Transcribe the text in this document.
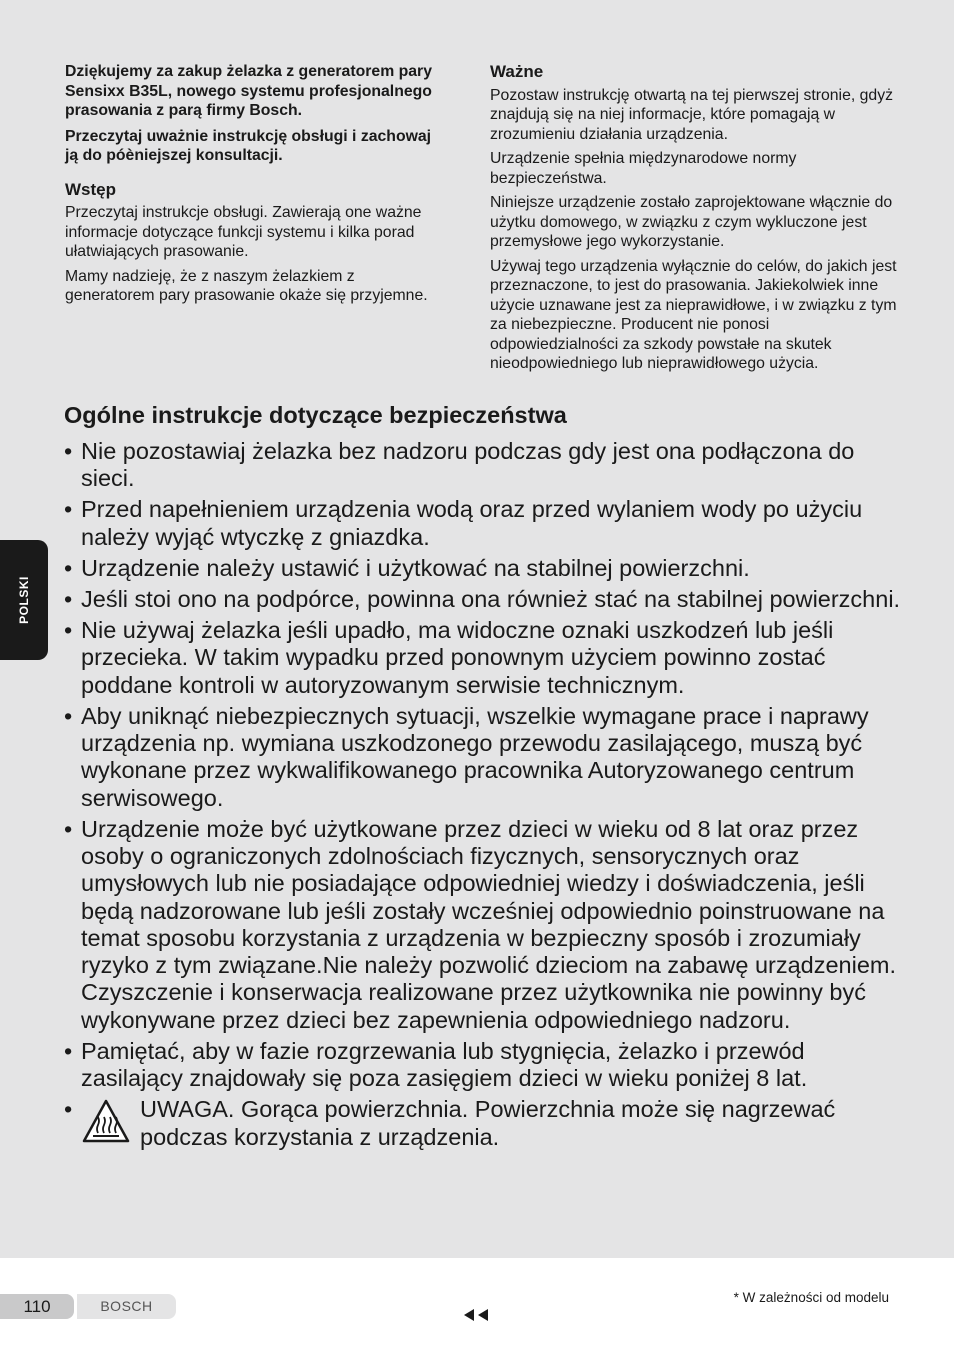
POLSKI

Dziękujemy za zakup żelazka z generatorem pary Sensixx B35L, nowego systemu profesjonalnego prasowania z parą firmy Bosch.

Przeczytaj uważnie instrukcję obsługi i zachowaj ją do póèniejszej konsultacji.

Wstęp

Przeczytaj instrukcje obsługi. Zawierają one ważne informacje dotyczące funkcji systemu i kilka porad ułatwiających prasowanie.

Mamy nadzieję, że z naszym żelazkiem z generatorem pary prasowanie okaże się przyjemne.

Ważne

Pozostaw instrukcję otwartą na tej pierwszej stronie, gdyż znajdują się na niej informacje, które pomagają w zrozumieniu działania urządzenia.

Urządzenie spełnia międzynarodowe normy bezpieczeństwa.

Niniejsze urządzenie zostało zaprojektowane włącznie do użytku domowego, w związku z czym wykluczone jest przemysłowe jego wykorzystanie.

Używaj tego urządzenia wyłącznie do celów, do jakich jest przeznaczone, to jest do prasowania. Jakiekolwiek inne użycie uznawane jest za nieprawidłowe, i w związku z tym za niebezpieczne. Producent nie ponosi odpowiedzialności za szkody powstałe na skutek nieodpowiedniego lub nieprawidłowego użycia.

Ogólne instrukcje dotyczące bezpieczeństwa
• Nie pozostawiaj żelazka bez nadzoru podczas gdy jest ona podłączona do sieci.
• Przed napełnieniem urządzenia wodą oraz przed wylaniem wody po użyciu należy wyjąć wtyczkę z gniazdka.
• Urządzenie należy ustawić i użytkować na stabilnej powierzchni.
• Jeśli stoi ono na podpórce, powinna ona również stać na stabilnej powierzchni.
• Nie używaj żelazka jeśli upadło, ma widoczne oznaki uszkodzeń lub jeśli przecieka. W takim wypadku przed ponownym użyciem powinno zostać poddane kontroli w autoryzowanym serwisie technicznym.
• Aby uniknąć niebezpiecznych sytuacji, wszelkie wymagane prace i naprawy urządzenia np. wymiana uszkodzonego przewodu zasilającego, muszą być wykonane przez wykwalifikowanego pracownika Autoryzowanego centrum serwisowego.
• Urządzenie może być użytkowane przez dzieci w wieku od 8 lat oraz przez osoby o ograniczonych zdolnościach fizycznych, sensorycznych oraz umysłowych lub nie posiadające odpowiedniej wiedzy i doświadczenia, jeśli będą nadzorowane lub jeśli zostały wcześniej odpowiednio poinstruowane na temat sposobu korzystania z urządzenia w bezpieczny sposób i zrozumiały ryzyko z tym związane.Nie należy pozwolić dzieciom na zabawę urządzeniem. Czyszczenie i konserwacja realizowane przez użytkownika nie powinny być wykonywane przez dzieci bez zapewnienia odpowiedniego nadzoru.
• Pamiętać, aby w fazie rozgrzewania lub stygnięcia, żelazko i przewód zasilający znajdowały się poza zasięgiem dzieci w wieku poniżej 8 lat.
•	UWAGA. Gorąca powierzchnia. Powierzchnia może się nagrzewać podczas korzystania z urządzenia.
110	BOSCH
* W zależności od modelu
